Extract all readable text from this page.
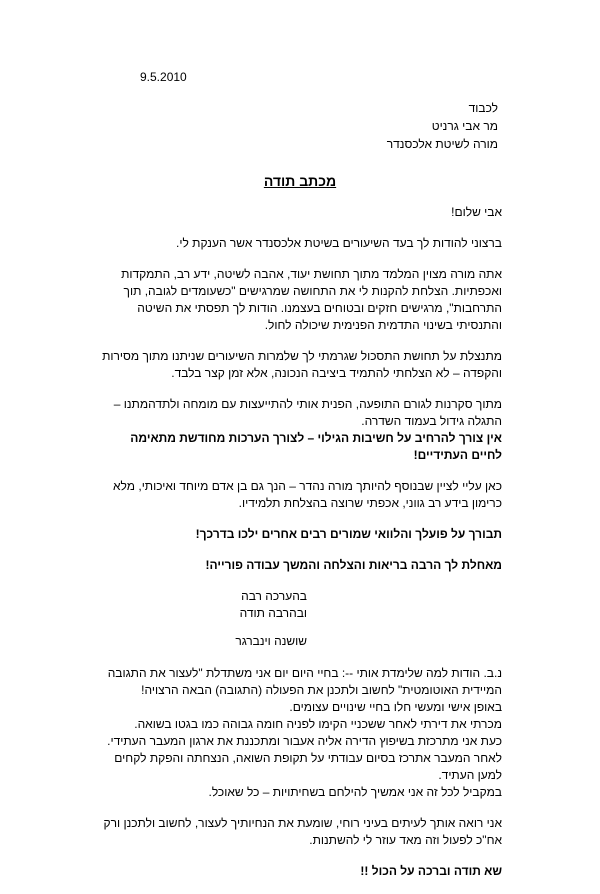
9.5.2010
לכבוד
מר אבי גרניט
מורה לשיטת אלכסנדר
מכתב תודה

אבי שלום!

ברצוני להודות לך בעד השיעורים בשיטת אלכסנדר אשר הענקת לי.

אתה מורה מצוין המלמד מתוך תחושת יעוד, אהבה לשיטה, ידע רב, התמקדות ואכפתיות. הצלחת להקנות לי את התחושה שמרגישים "כשעומדים לגובה, תוך התרחבות", מרגישים חזקים ובטוחים בעצמנו. הודות לך תפסתי את השיטה והתנסיתי בשינוי התדמית הפנימית שיכולה לחול.

מתנצלת על תחושת התסכול שגרמתי לך שלמרות השיעורים שניתנו מתוך מסירות והקפדה – לא הצלחתי להתמיד ביציבה הנכונה, אלא זמן קצר בלבד.

מתוך סקרנות לגורם התופעה, הפנית אותי להתייעצות עם מומחה ולתדהמתנו – התגלה גידול בעמוד השדרה.

אין צורך להרחיב על חשיבות הגילוי – לצורך הערכות מחודשת מתאימה לחיים העתידיים!

כאן עליי לציין שבנוסף להיותך מורה נהדר – הנך גם בן אדם מיוחד ואיכותי, מלא כרימון בידע רב גווני, אכפתי שרוצה בהצלחת תלמידיו.

תבורך על פועלך והלוואי שמורים רבים אחרים ילכו בדרכך!

מאחלת לך הרבה בריאות והצלחה והמשך עבודה פורייה!

בהערכה רבה
ובהרבה תודה
שושנה וינברגר

נ.ב. הודות למה שלימדת אותי --: בחיי היום יום אני משתדלת "לעצור את התגובה המיידית האוטומטית" לחשוב ולתכנן את הפעולה (התגובה) הבאה הרצויה!
באופן אישי ומעשי חלו בחיי שינויים עצומים.
מכרתי את דירתי לאחר ששכניי הקימו לפניה חומה גבוהה כמו בגטו בשואה.
כעת אני מתרכזת בשיפוץ הדירה אליה אעבור ומתכננת את ארגון המעבר העתידי.
לאחר המעבר אתרכז בסיום עבודתי על תקופת השואה, הנצחתה והפקת לקחים למען העתיד.
במקביל לכל זה אני אמשיך להילחם בשחיתויות – כל שאוכל.

אני רואה אותך לעיתים בעיני רוחי, שומעת את הנחיותיך לעצור, לחשוב ולתכנן ורק אח"כ לפעול וזה מאד עוזר לי להשתנות.

שא תודה וברכה על הכול !!
